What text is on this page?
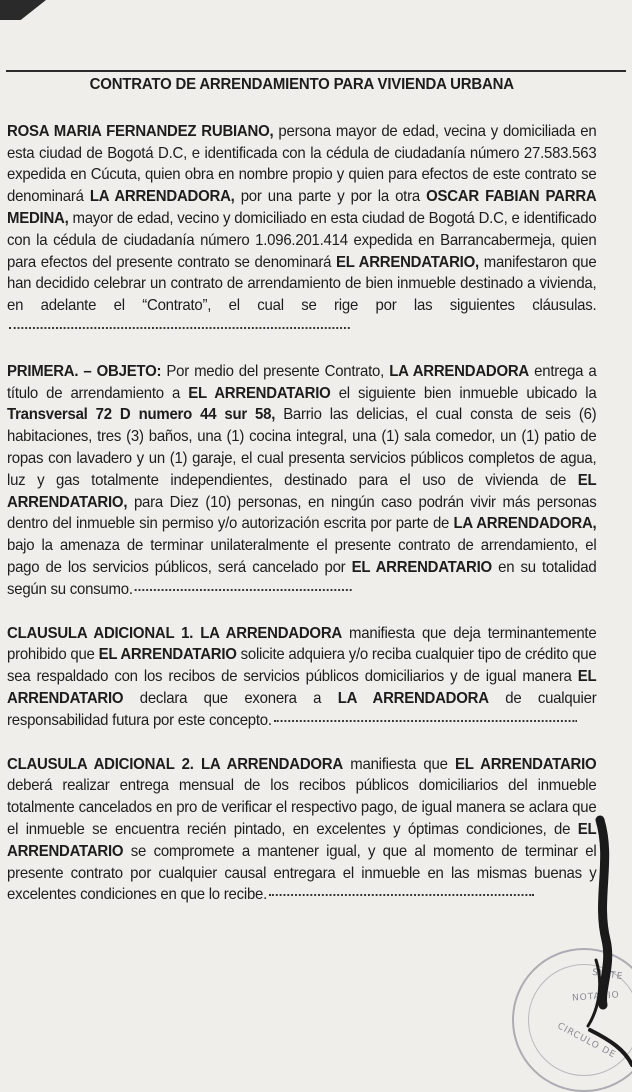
CONTRATO DE ARRENDAMIENTO PARA VIVIENDA URBANA

ROSA MARIA FERNANDEZ RUBIANO, persona mayor de edad, vecina y domiciliada en esta ciudad de Bogotá D.C, e identificada con la cédula de ciudadanía número 27.583.563 expedida en Cúcuta, quien obra en nombre propio y quien para efectos de este contrato se denominará LA ARRENDADORA, por una parte y por la otra OSCAR FABIAN PARRA MEDINA, mayor de edad, vecino y domiciliado en esta ciudad de Bogotá D.C, e identificado con la cédula de ciudadanía número 1.096.201.414 expedida en Barrancabermeja, quien para efectos del presente contrato se denominará EL ARRENDATARIO, manifestaron que han decidido celebrar un contrato de arrendamiento de bien inmueble destinado a vivienda, en adelante el “Contrato”, el cual se rige por las siguientes cláusulas.

PRIMERA. – OBJETO: Por medio del presente Contrato, LA ARRENDADORA entrega a título de arrendamiento a EL ARRENDATARIO el siguiente bien inmueble ubicado la Transversal 72 D numero 44 sur 58, Barrio las delicias, el cual consta de seis (6) habitaciones, tres (3) baños, una (1) cocina integral, una (1) sala comedor, un (1) patio de ropas con lavadero y un (1) garaje, el cual presenta servicios públicos completos de agua, luz y gas totalmente independientes, destinado para el uso de vivienda de EL ARRENDATARIO, para Diez (10) personas, en ningún caso podrán vivir más personas dentro del inmueble sin permiso y/o autorización escrita por parte de LA ARRENDADORA, bajo la amenaza de terminar unilateralmente el presente contrato de arrendamiento, el pago de los servicios públicos, será cancelado por EL ARRENDATARIO en su totalidad según su consumo.

CLAUSULA ADICIONAL 1. LA ARRENDADORA manifiesta que deja terminantemente prohibido que EL ARRENDATARIO solicite adquiera y/o reciba cualquier tipo de crédito que sea respaldado con los recibos de servicios públicos domiciliarios y de igual manera EL ARRENDATARIO declara que exonera a LA ARRENDADORA de cualquier responsabilidad futura por este concepto.

CLAUSULA ADICIONAL 2. LA ARRENDADORA manifiesta que EL ARRENDATARIO deberá realizar entrega mensual de los recibos públicos domiciliarios del inmueble totalmente cancelados en pro de verificar el respectivo pago, de igual manera se aclara que el inmueble se encuentra recién pintado, en excelentes y óptimas condiciones, de EL ARRENDATARIO se compromete a mantener igual, y que al momento de terminar el presente contrato por cualquier causal entregara el inmueble en las mismas buenas y excelentes condiciones en que lo recibe.

SINTE
NOTARIO
CIRCULO DE
